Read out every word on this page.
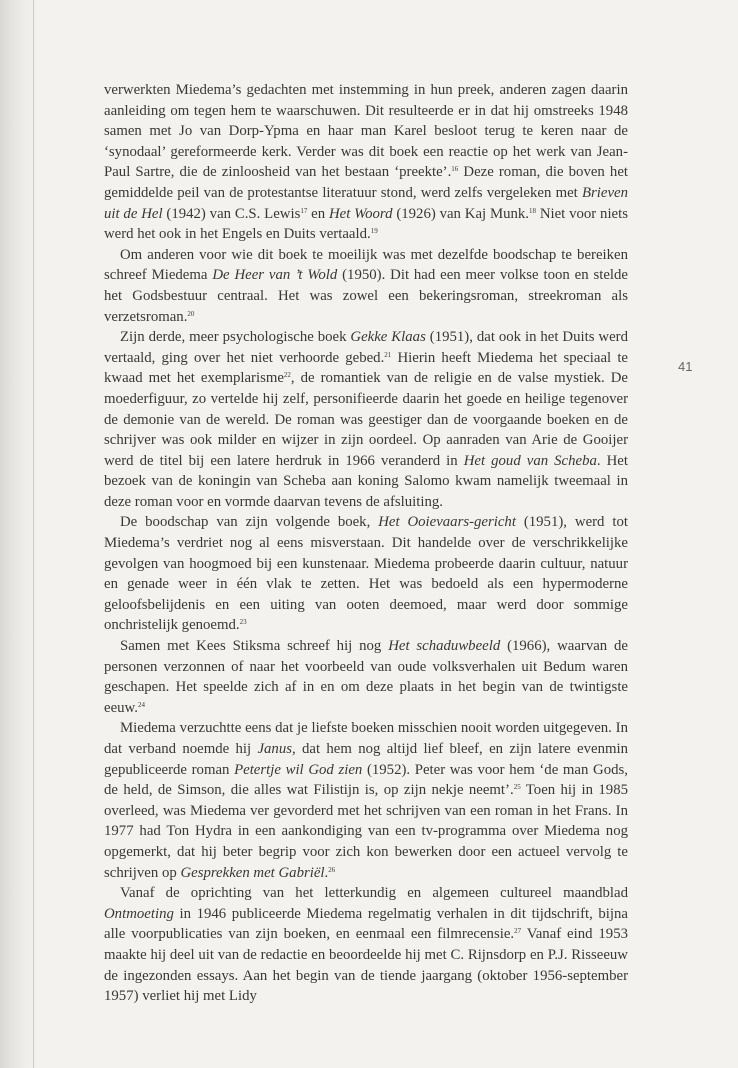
verwerkten Miedema’s gedachten met instemming in hun preek, anderen zagen daarin aanleiding om tegen hem te waarschuwen. Dit resulteerde er in dat hij omstreeks 1948 samen met Jo van Dorp-Ypma en haar man Karel besloot terug te keren naar de ‘synodaal’ gereformeerde kerk. Verder was dit boek een reactie op het werk van Jean-Paul Sartre, die de zinloosheid van het bestaan ‘preekte’.$^{16}$ Deze roman, die boven het gemiddelde peil van de protestantse literatuur stond, werd zelfs vergeleken met Brieven uit de Hel (1942) van C.S. Lewis$^{17}$ en Het Woord (1926) van Kaj Munk.$^{18}$ Niet voor niets werd het ook in het Engels en Duits vertaald.$^{19}$

Om anderen voor wie dit boek te moeilijk was met dezelfde boodschap te bereiken schreef Miedema De Heer van ’t Wold (1950). Dit had een meer volkse toon en stelde het Godsbestuur centraal. Het was zowel een bekeringsroman, streekroman als verzetsroman.$^{20}$

Zijn derde, meer psychologische boek Gekke Klaas (1951), dat ook in het Duits werd vertaald, ging over het niet verhoorde gebed.$^{21}$ Hierin heeft Miedema het speciaal te kwaad met het exemplarisme$^{22}$, de romantiek van de religie en de valse mystiek. De moederfiguur, zo vertelde hij zelf, personifieerde daarin het goede en heilige tegenover de demonie van de wereld. De roman was geestiger dan de voorgaande boeken en de schrijver was ook milder en wijzer in zijn oordeel. Op aanraden van Arie de Gooijer werd de titel bij een latere herdruk in 1966 veranderd in Het goud van Scheba. Het bezoek van de koningin van Scheba aan koning Salomo kwam namelijk tweemaal in deze roman voor en vormde daarvan tevens de afsluiting.

De boodschap van zijn volgende boek, Het Ooievaars-gericht (1951), werd tot Miedema’s verdriet nog al eens misverstaan. Dit handelde over de verschrikkelijke gevolgen van hoogmoed bij een kunstenaar. Miedema probeerde daarin cultuur, natuur en genade weer in één vlak te zetten. Het was bedoeld als een hypermoderne geloofsbelijdenis en een uiting van ooten deemoed, maar werd door sommige onchristelijk genoemd.$^{23}$

Samen met Kees Stiksma schreef hij nog Het schaduwbeeld (1966), waarvan de personen verzonnen of naar het voorbeeld van oude volksverhalen uit Bedum waren geschapen. Het speelde zich af in en om deze plaats in het begin van de twintigste eeuw.$^{24}$

Miedema verzuchtte eens dat je liefste boeken misschien nooit worden uitgegeven. In dat verband noemde hij Janus, dat hem nog altijd lief bleef, en zijn latere evenmin gepubliceerde roman Petertje wil God zien (1952). Peter was voor hem ‘de man Gods, de held, de Simson, die alles wat Filistijn is, op zijn nekje neemt’.$^{25}$ Toen hij in 1985 overleed, was Miedema ver gevorderd met het schrijven van een roman in het Frans. In 1977 had Ton Hydra in een aankondiging van een tv-programma over Miedema nog opgemerkt, dat hij beter begrip voor zich kon bewerken door een actueel vervolg te schrijven op Gesprekken met Gabriël.$^{26}$

Vanaf de oprichting van het letterkundig en algemeen cultureel maandblad Ontmoeting in 1946 publiceerde Miedema regelmatig verhalen in dit tijdschrift, bijna alle voorpublicaties van zijn boeken, en eenmaal een filmrecensie.$^{27}$ Vanaf eind 1953 maakte hij deel uit van de redactie en beoordeelde hij met C. Rijnsdorp en P.J. Risseeuw de ingezonden essays. Aan het begin van de tiende jaargang (oktober 1956-september 1957) verliet hij met Lidy

41
